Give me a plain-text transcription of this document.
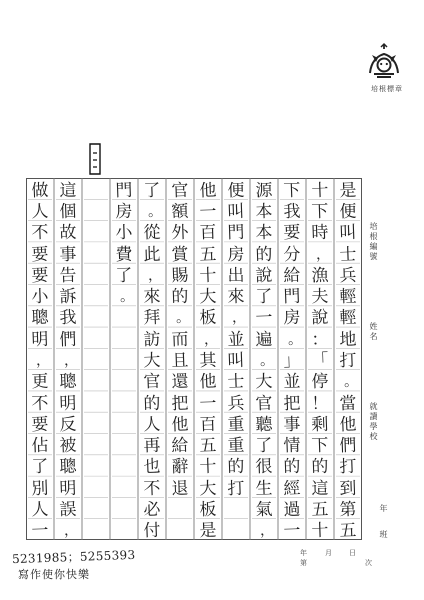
培根標章
培根編號
姓名
就讀學校
年
班
是
便
叫
士
兵
輕
輕
地
打
。
當
他
們
打
到
第
五
十
下
時
，
漁
夫
說
：
「
停
！
剩
下
的
這
五
十
下
我
要
分
給
門
房
。
」
並
把
事
情
的
經
過
一
源
本
本
的
說
了
一
遍
。
大
官
聽
了
很
生
氣
，
便
叫
門
房
出
來
，
並
叫
士
兵
重
重
的
打
他
一
百
五
十
大
板
，
其
他
一
百
五
十
大
板
是
官
額
外
賞
賜
的
。
而
且
還
把
他
給
辭
退
了
。
從
此
，
來
拜
訪
大
官
的
人
再
也
不
必
付
門
房
小
費
了
。
這
個
故
事
告
訴
我
們
，
聰
明
反
被
聰
明
誤
，
做
人
不
要
要
小
聰
明
，
更
不
要
佔
了
別
人
一
5231985；5255393
寫作使你快樂
年	月 日
第	次
